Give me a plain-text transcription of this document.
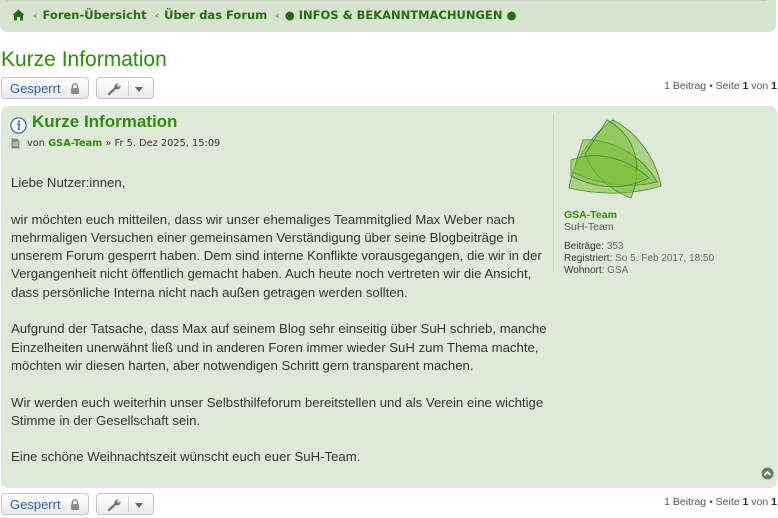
‹ Foren-Übersicht ‹ Über das Forum ‹ ● INFOS & BEKANNTMACHUNGEN ●
Kurze Information
Gesperrt	1 Beitrag • Seite 1 von 1
Kurze Information
von
GSA-Team
»
Fr 5. Dez 2025, 15:09

Liebe Nutzer:innen,

wir möchten euch mitteilen, dass wir unser ehemaliges Teammitglied Max Weber nach mehrmaligen Versuchen einer gemeinsamen Verständigung über seine Blogbeiträge in unserem Forum gesperrt haben. Dem sind interne Konflikte vorausgegangen, die wir in der Vergangenheit nicht öffentlich gemacht haben. Auch heute noch vertreten wir die Ansicht, dass persönliche Interna nicht nach außen getragen werden sollten.

Aufgrund der Tatsache, dass Max auf seinem Blog sehr einseitig über SuH schrieb, manche Einzelheiten unerwähnt ließ und in anderen Foren immer wieder SuH zum Thema machte, möchten wir diesen harten, aber notwendigen Schritt gern transparent machen.

Wir werden euch weiterhin unser Selbsthilfeforum bereitstellen und als Verein eine wichtige Stimme in der Gesellschaft sein.

Eine schöne Weihnachtszeit wünscht euch euer SuH-Team.

GSA-Team
SuH-Team
Beiträge: 353
Registriert: So 5. Feb 2017, 18:50
Wohnort: GSA
Gesperrt	1 Beitrag • Seite 1 von 1
